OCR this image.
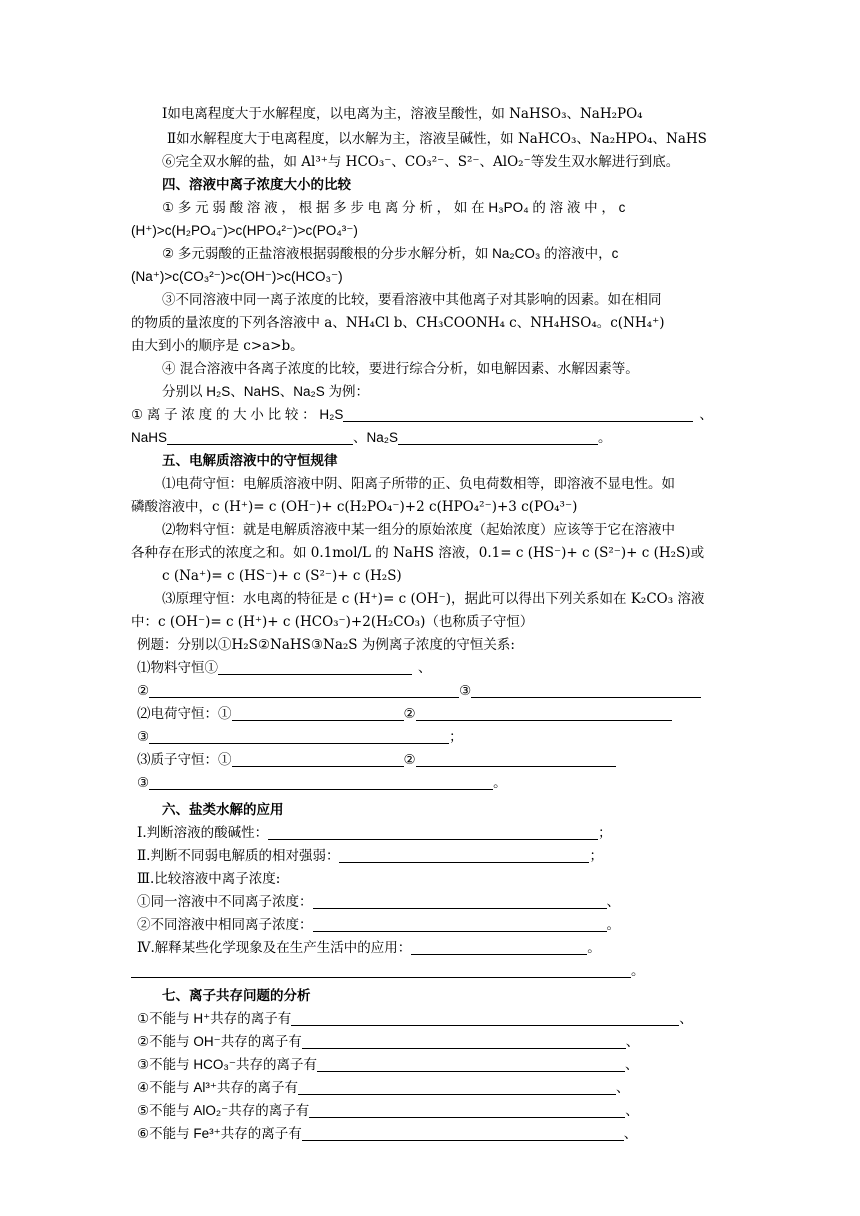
Ⅰ如电离程度大于水解程度，以电离为主，溶液呈酸性，如 NaHSO₃、NaH₂PO₄
Ⅱ如水解程度大于电离程度，以水解为主，溶液呈碱性，如 NaHCO₃、Na₂HPO₄、NaHS
⑥完全双水解的盐，如 Al³⁺与 HCO₃⁻、CO₃²⁻、S²⁻、AlO₂⁻等发生双水解进行到底。
四、溶液中离子浓度大小的比较
① 多 元 弱 酸 溶 液 ， 根 据 多 步 电 离 分 析 ， 如 在 H₃PO₄ 的 溶 液 中 ， c
(H⁺)>c(H₂PO₄⁻)>c(HPO₄²⁻)>c(PO₄³⁻)
② 多元弱酸的正盐溶液根据弱酸根的分步水解分析，如 Na₂CO₃ 的溶液中，c
(Na⁺)>c(CO₃²⁻)>c(OH⁻)>c(HCO₃⁻)
③不同溶液中同一离子浓度的比较，要看溶液中其他离子对其影响的因素。如在相同
的物质的量浓度的下列各溶液中 a、NH₄Cl b、CH₃COONH₄ c、NH₄HSO₄。c(NH₄⁺)
由大到小的顺序是 c>a>b。
④ 混合溶液中各离子浓度的比较，要进行综合分析，如电解因素、水解因素等。
分别以 H₂S、NaHS、Na₂S 为例：
① 离 子 浓 度 的 大 小 比 较 ： H₂S	、
NaHS	、Na₂S	。
五、电解质溶液中的守恒规律
⑴电荷守恒：电解质溶液中阴、阳离子所带的正、负电荷数相等，即溶液不显电性。如
磷酸溶液中，c (H⁺)= c (OH⁻)+ c(H₂PO₄⁻)+2 c(HPO₄²⁻)+3 c(PO₄³⁻)
⑵物料守恒：就是电解质溶液中某一组分的原始浓度（起始浓度）应该等于它在溶液中
各种存在形式的浓度之和。如 0.1mol/L 的 NaHS 溶液，0.1= c (HS⁻)+ c (S²⁻)+ c (H₂S)或
c (Na⁺)= c (HS⁻)+ c (S²⁻)+ c (H₂S)
⑶原理守恒：水电离的特征是 c (H⁺)= c (OH⁻)，据此可以得出下列关系如在 K₂CO₃ 溶液
中：c (OH⁻)= c (H⁺)+ c (HCO₃⁻)+2(H₂CO₃)（也称质子守恒）
例题：分别以①H₂S②NaHS③Na₂S 为例离子浓度的守恒关系:
⑴物料守恒①	、
②	③
⑵电荷守恒：①	②
③	；
⑶质子守恒：①	②
③	。
六、盐类水解的应用
Ⅰ.判断溶液的酸碱性：	；
Ⅱ.判断不同弱电解质的相对强弱：	；
Ⅲ.比较溶液中离子浓度:
①同一溶液中不同离子浓度：	、
②不同溶液中相同离子浓度：	。
Ⅳ.解释某些化学现象及在生产生活中的应用：	。
。
七、离子共存问题的分析
①不能与 H⁺共存的离子有	、
②不能与 OH⁻共存的离子有	、
③不能与 HCO₃⁻共存的离子有	、
④不能与 Al³⁺共存的离子有	、
⑤不能与 AlO₂⁻共存的离子有	、
⑥不能与 Fe³⁺共存的离子有	、
